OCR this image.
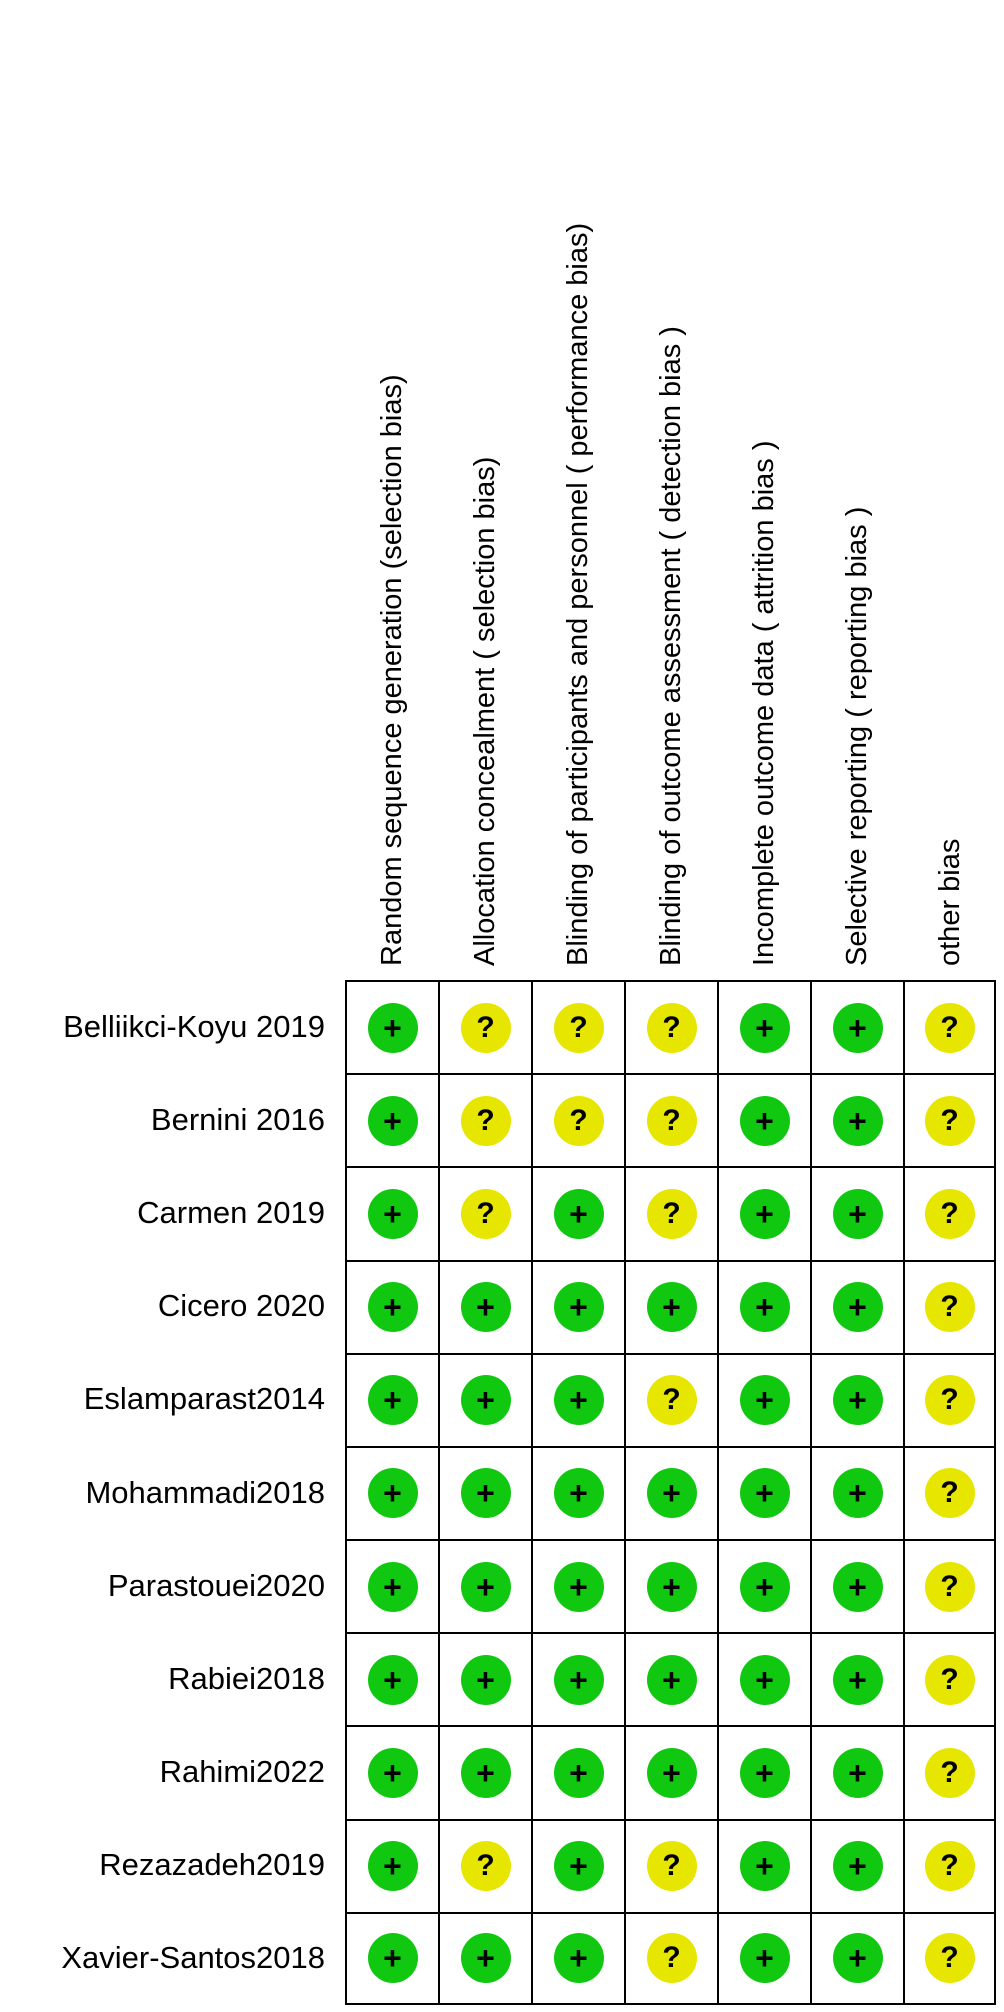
Random sequence generation (selection bias) Allocation concealment ( selection bias) Blinding of participants and personnel ( performance bias) Blinding of outcome assessment ( detection bias ) Incomplete outcome data ( attrition bias ) Selective reporting ( reporting bias ) other bias
Belliikci-Koyu 2019
Bernini 2016
Carmen 2019
Cicero 2020
Eslamparast2014
Mohammadi2018
Parastouei2020
Rabiei2018
Rahimi2022
Rezazadeh2019
Xavier-Santos2018
+ ? ? ? + + ?
+ ? ? ? + + ?
+ ? + ? + + ?
+ + + + + + ?
+ + + ? + + ?
+ + + + + + ?
+ + + + + + ?
+ + + + + + ?
+ + + + + + ?
+ ? + ? + + ?
+ + + ? + + ?
